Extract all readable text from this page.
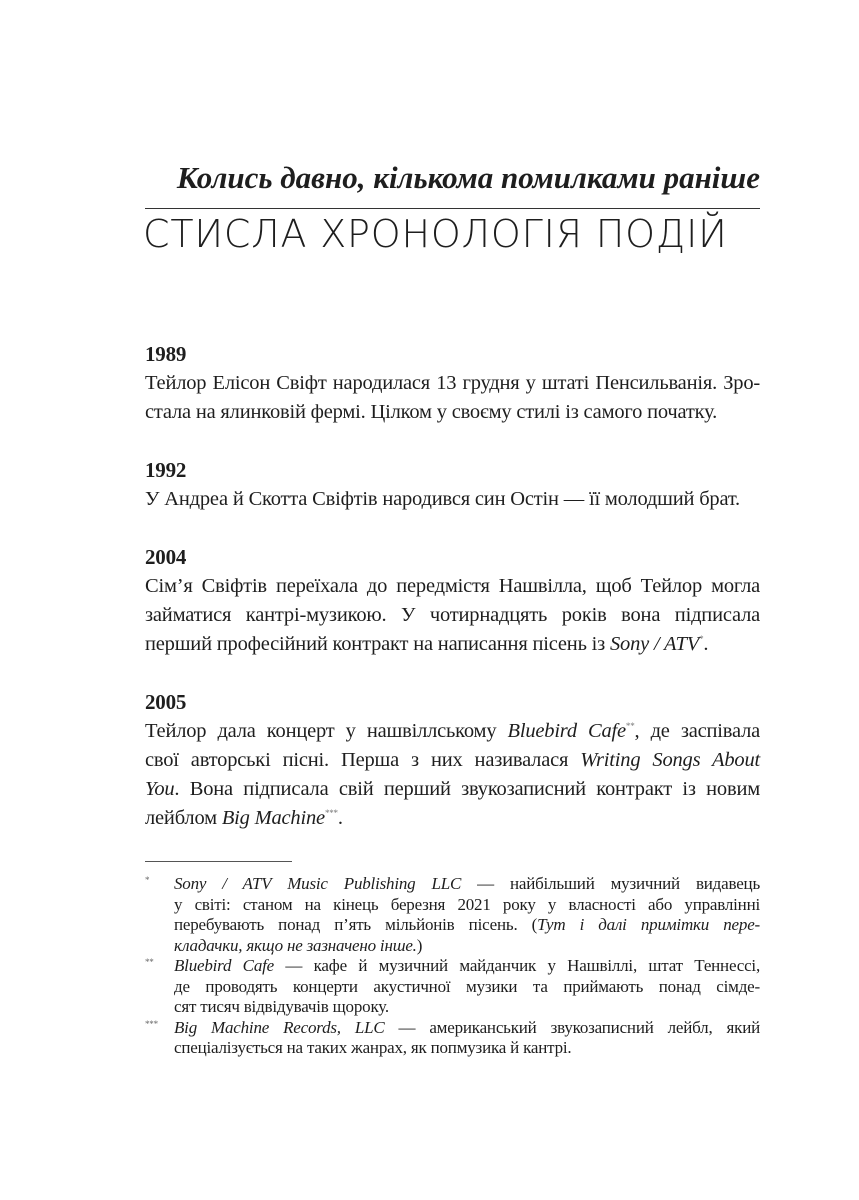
Колись давно, кількома помилками раніше
СТИСЛА ХРОНОЛОГІЯ ПОДІЙ
1989
Тейлор Елісон Свіфт народилася 13 грудня у штаті Пенсильванія. Зро-
стала на ялинковій фермі. Цілком у своєму стилі із самого початку.
1992
У Андреа й Скотта Свіфтів народився син Остін — її молодший брат.
2004
Сім’я Свіфтів переїхала до передмістя Нашвілла, щоб Тейлор могла
займатися кантрі-музикою. У чотирнадцять років вона підписала
перший професійний контракт на написання пісень із Sony / ATV*.
2005
Тейлор дала концерт у нашвіллському Bluebird Cafe**, де заспівала
свої авторські пісні. Перша з них називалася Writing Songs About
You. Вона підписала свій перший звукозаписний контракт із новим
лейблом Big Machine***.
* Sony / ATV Music Publishing LLC — найбільший музичний видавець
у світі: станом на кінець березня 2021 року у власності або управлінні
перебувають понад п’ять мільйонів пісень. (Тут і далі примітки пере-
кладачки, якщо не зазначено інше.)
** Bluebird Cafe — кафе й музичний майданчик у Нашвіллі, штат Теннессі,
де проводять концерти акустичної музики та приймають понад сімде-
сят тисяч відвідувачів щороку.
*** Big Machine Records, LLC — американський звукозаписний лейбл, який
спеціалізується на таких жанрах, як попмузика й кантрі.
